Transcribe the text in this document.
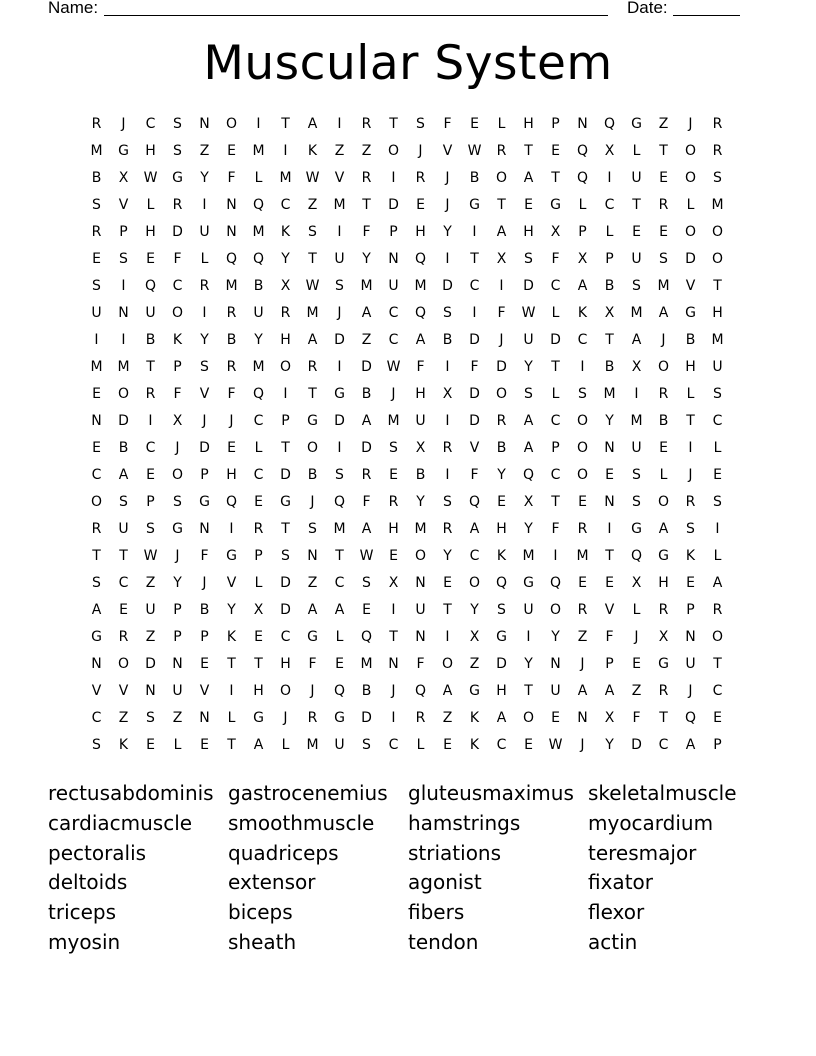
Name:	Date:
Muscular System
R	J	C	S	N	O	I	T	A	I	R	T	S	F	E	L	H	P	N	Q	G	Z	J	R
M	G	H	S	Z	E	M	I	K	Z	Z	O	J	V	W	R	T	E	Q	X	L	T	O	R
B	X	W	G	Y	F	L	M	W	V	R	I	R	J	B	O	A	T	Q	I	U	E	O	S
S	V	L	R	I	N	Q	C	Z	M	T	D	E	J	G	T	E	G	L	C	T	R	L	M
R	P	H	D	U	N	M	K	S	I	F	P	H	Y	I	A	H	X	P	L	E	E	O	O
E	S	E	F	L	Q	Q	Y	T	U	Y	N	Q	I	T	X	S	F	X	P	U	S	D	O
S	I	Q	C	R	M	B	X	W	S	M	U	M	D	C	I	D	C	A	B	S	M	V	T
U	N	U	O	I	R	U	R	M	J	A	C	Q	S	I	F	W	L	K	X	M	A	G	H
I	I	B	K	Y	B	Y	H	A	D	Z	C	A	B	D	J	U	D	C	T	A	J	B	M
M	M	T	P	S	R	M	O	R	I	D	W	F	I	F	D	Y	T	I	B	X	O	H	U
E	O	R	F	V	F	Q	I	T	G	B	J	H	X	D	O	S	L	S	M	I	R	L	S
N	D	I	X	J	J	C	P	G	D	A	M	U	I	D	R	A	C	O	Y	M	B	T	C
E	B	C	J	D	E	L	T	O	I	D	S	X	R	V	B	A	P	O	N	U	E	I	L
C	A	E	O	P	H	C	D	B	S	R	E	B	I	F	Y	Q	C	O	E	S	L	J	E
O	S	P	S	G	Q	E	G	J	Q	F	R	Y	S	Q	E	X	T	E	N	S	O	R	S
R	U	S	G	N	I	R	T	S	M	A	H	M	R	A	H	Y	F	R	I	G	A	S	I
T	T	W	J	F	G	P	S	N	T	W	E	O	Y	C	K	M	I	M	T	Q	G	K	L
S	C	Z	Y	J	V	L	D	Z	C	S	X	N	E	O	Q	G	Q	E	E	X	H	E	A
A	E	U	P	B	Y	X	D	A	A	E	I	U	T	Y	S	U	O	R	V	L	R	P	R
G	R	Z	P	P	K	E	C	G	L	Q	T	N	I	X	G	I	Y	Z	F	J	X	N	O
N	O	D	N	E	T	T	H	F	E	M	N	F	O	Z	D	Y	N	J	P	E	G	U	T
V	V	N	U	V	I	H	O	J	Q	B	J	Q	A	G	H	T	U	A	A	Z	R	J	C
C	Z	S	Z	N	L	G	J	R	G	D	I	R	Z	K	A	O	E	N	X	F	T	Q	E
S	K	E	L	E	T	A	L	M	U	S	C	L	E	K	C	E	W	J	Y	D	C	A	P
rectusabdominis gastrocenemius	gluteusmaximus skeletalmuscle
cardiacmuscle	smoothmuscle	hamstrings	myocardium
pectoralis	quadriceps	striations	teresmajor
deltoids	extensor	agonist	fixator
triceps	biceps	fibers	flexor
myosin	sheath	tendon	actin
